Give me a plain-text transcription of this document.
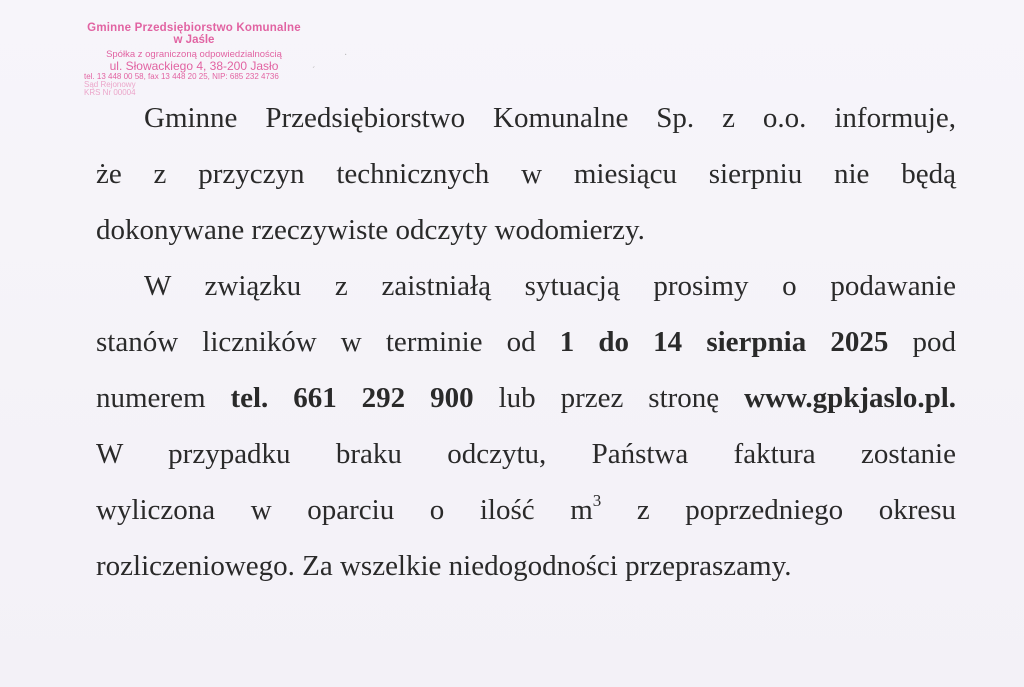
Gminne Przedsiębiorstwo Komunalne
w Jaśle
Spółka z ograniczoną odpowiedzialnością
ul. Słowackiego 4, 38-200 Jasło
tel. 13 448 00 58, fax 13 448 20 25, NIP: 685 232 4736
Sąd Rejonowy
KRS Nr 00004
·
ˊ
Gminne Przedsiębiorstwo Komunalne Sp. z o.o. informuje,
że z przyczyn technicznych w miesiącu sierpniu nie będą
dokonywane rzeczywiste odczyty wodomierzy.
W związku z zaistniałą sytuacją prosimy o podawanie
stanów liczników w terminie od 1 do 14 sierpnia 2025 pod
numerem tel. 661 292 900 lub przez stronę www.gpkjaslo.pl.
W przypadku braku odczytu, Państwa faktura zostanie
wyliczona w oparciu o ilość $m^3$ z poprzedniego okresu
rozliczeniowego. Za wszelkie niedogodności przepraszamy.
